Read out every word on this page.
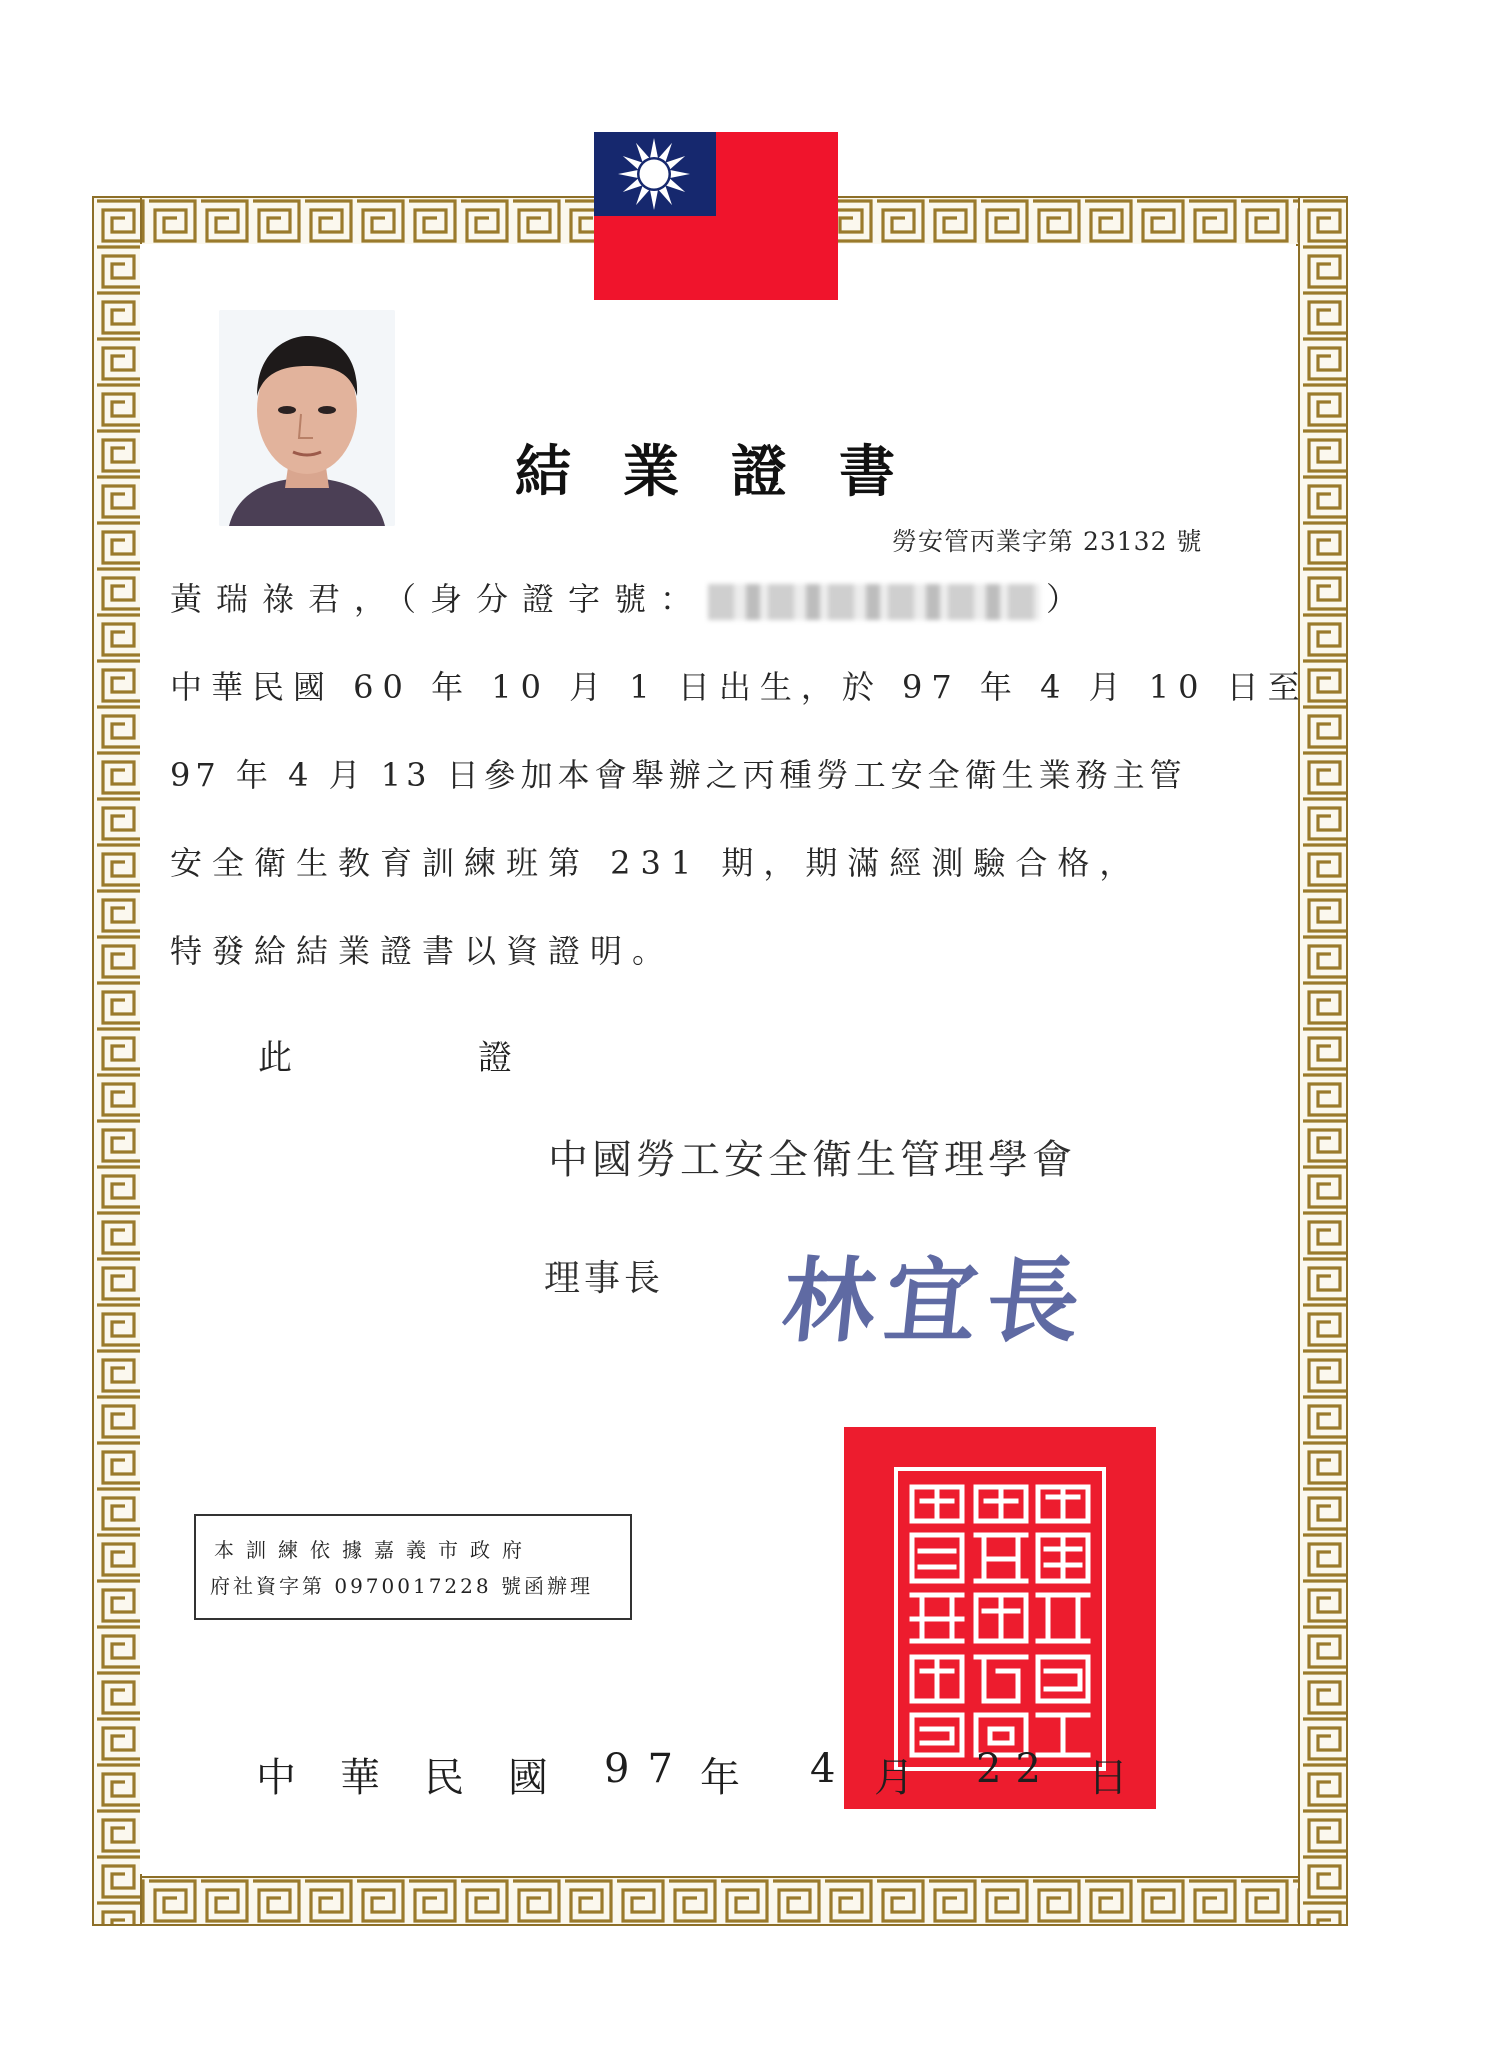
結業證書
勞安管丙業字第 23132 號
黃瑞祿君，（身分證字號：	）
中華民國 60 年 10 月 1 日出生，於 97 年 4 月 10 日至
97 年 4 月 13 日參加本會舉辦之丙種勞工安全衛生業務主管
安全衛生教育訓練班第 231 期，期滿經測驗合格，
特發給結業證書以資證明。
此	證
中國勞工安全衛生管理學會
理事長 林宜長
本訓練依據嘉義市政府
府社資字第 0970017228 號函辦理
中華民國 97 年 4 月 22 日
